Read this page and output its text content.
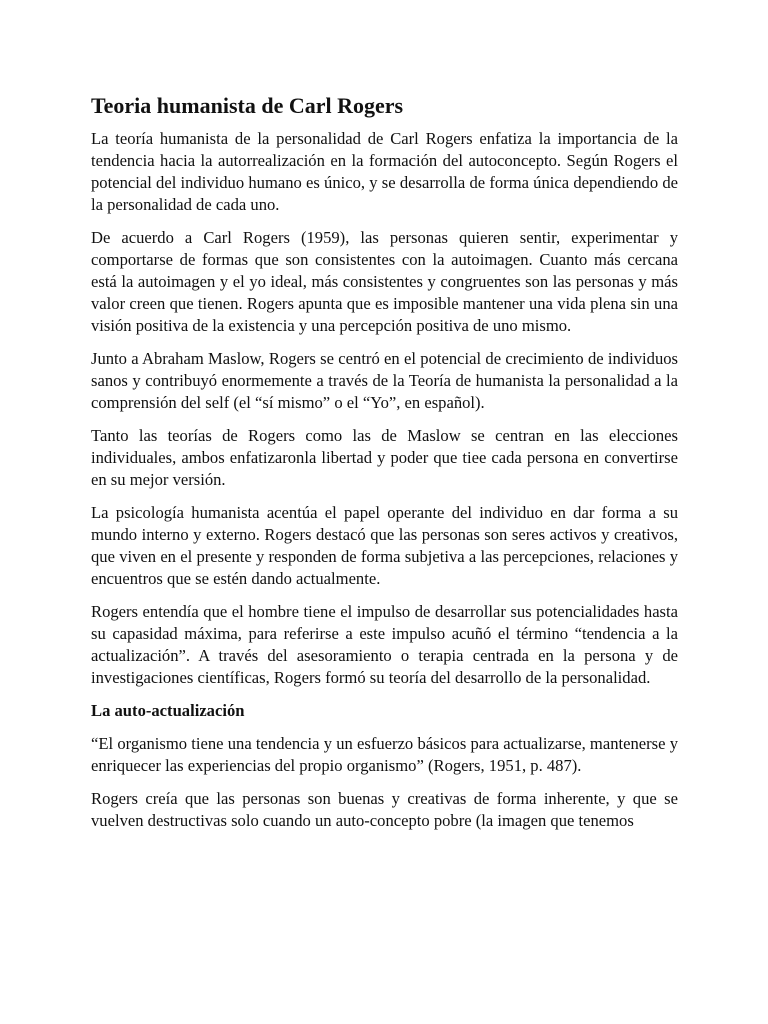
Teoria humanista de Carl Rogers

La teoría humanista de la personalidad de Carl Rogers enfatiza la importancia de la tendencia hacia la autorrealización en la formación del autoconcepto. Según Rogers el potencial del individuo humano es único, y se desarrolla de forma única dependiendo de la personalidad de cada uno.

De acuerdo a Carl Rogers (1959), las personas quieren sentir, experimentar y comportarse de formas que son consistentes con la autoimagen. Cuanto más cercana está la autoimagen y el yo ideal, más consistentes y congruentes son las personas y más valor creen que tienen. Rogers apunta que es imposible mantener una vida plena sin una visión positiva de la existencia y una percepción positiva de uno mismo.

Junto a Abraham Maslow, Rogers se centró en el potencial de crecimiento de individuos sanos y contribuyó enormemente a través de la Teoría de humanista la personalidad a la comprensión del self (el “sí mismo” o el “Yo”, en español).

Tanto las teorías de Rogers como las de Maslow se centran en las elecciones individuales, ambos enfatizaronla libertad y poder que tiee cada persona en convertirse en su mejor versión.

La psicología humanista acentúa el papel operante del individuo en dar forma a su mundo interno y externo. Rogers destacó que las personas son seres activos y creativos, que viven en el presente y responden de forma subjetiva a las percepciones, relaciones y encuentros que se estén dando actualmente.

Rogers entendía que el hombre tiene el impulso de desarrollar sus potencialidades hasta su capasidad máxima, para referirse a este impulso acuñó el término “tendencia a la actualización”. A través del asesoramiento o terapia centrada en la persona y de investigaciones científicas, Rogers formó su teoría del desarrollo de la personalidad.

La auto-actualización

“El organismo tiene una tendencia y un esfuerzo básicos para actualizarse, mantenerse y enriquecer las experiencias del propio organismo” (Rogers, 1951, p. 487).

Rogers creía que las personas son buenas y creativas de forma inherente, y que se vuelven destructivas solo cuando un auto-concepto pobre (la imagen que tenemos
